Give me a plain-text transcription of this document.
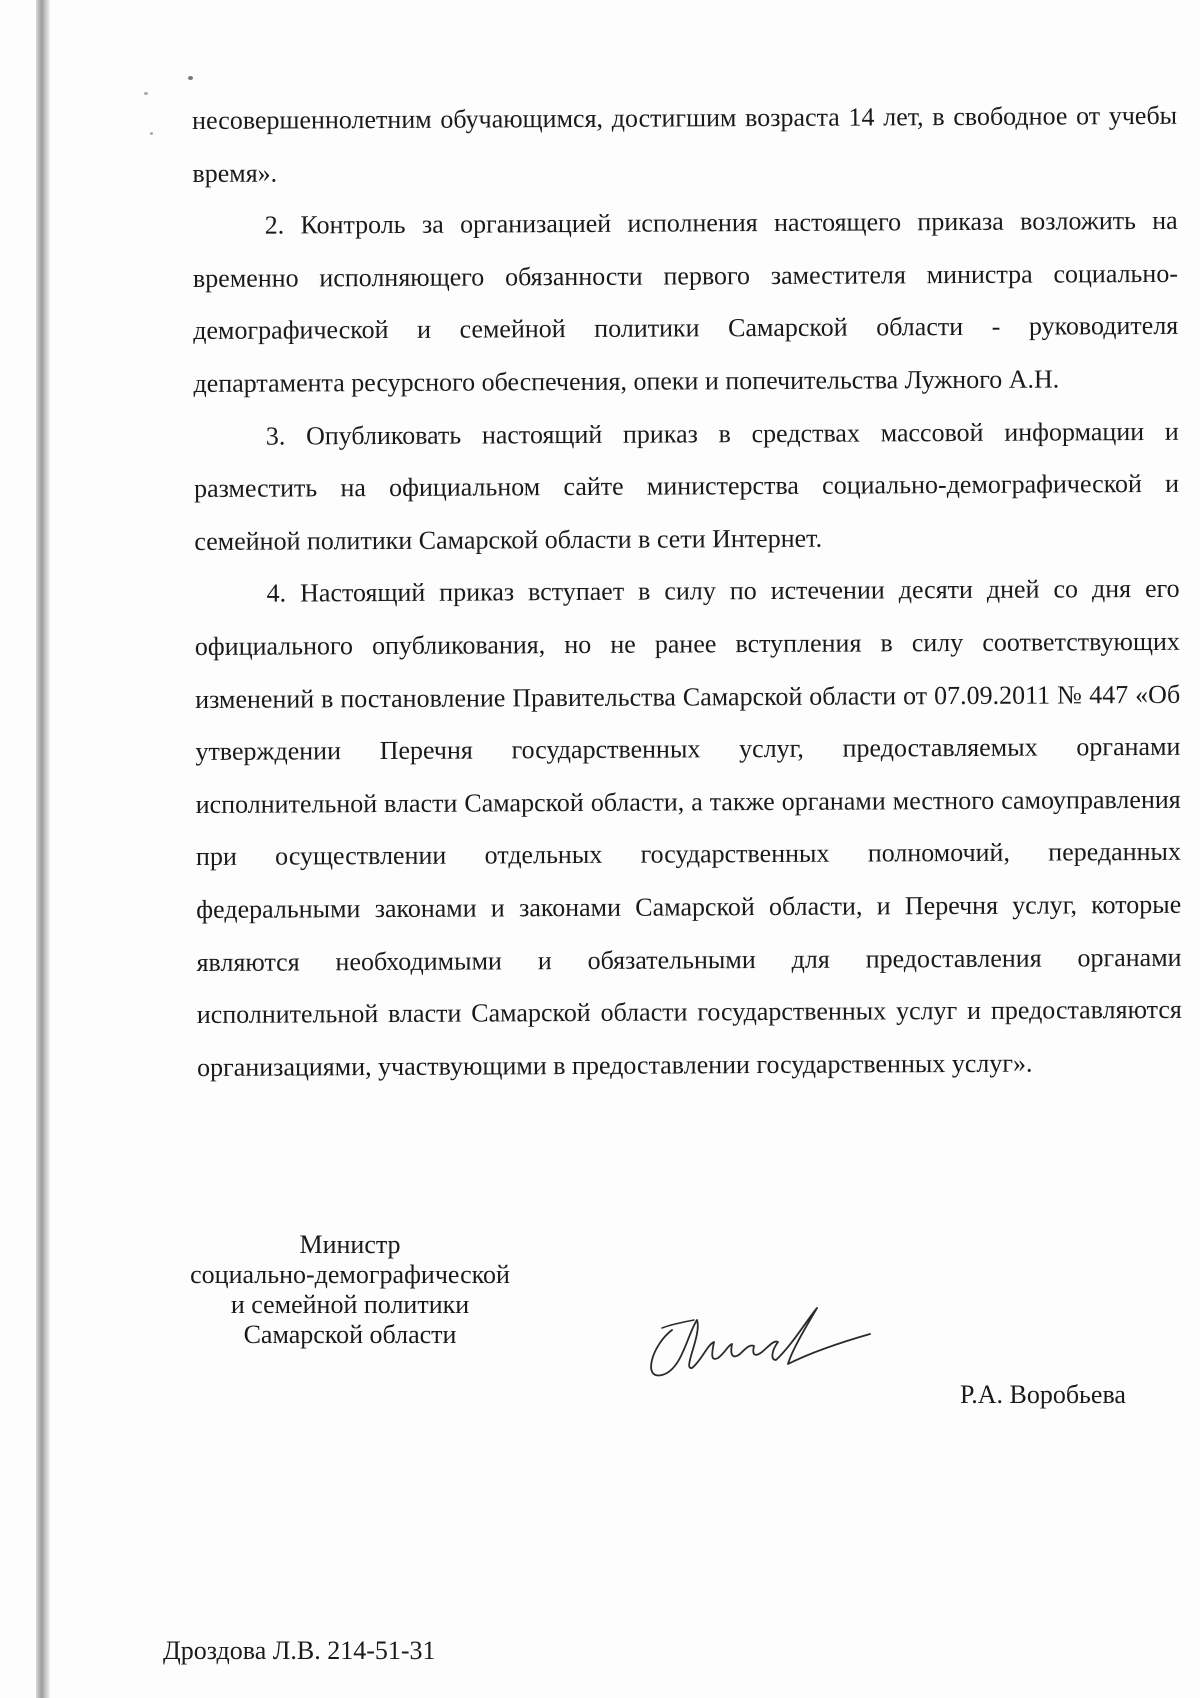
несовершеннолетним обучающимся, достигшим возраста 14 лет, в свободное от учебы время».

2. Контроль за организацией исполнения настоящего приказа возложить на временно исполняющего обязанности первого заместителя министра социально-демографической и семейной политики Самарской области - руководителя департамента ресурсного обеспечения, опеки и попечительства Лужного А.Н.

3. Опубликовать настоящий приказ в средствах массовой информации и разместить на официальном сайте министерства социально-демографической и семейной политики Самарской области в сети Интернет.

4. Настоящий приказ вступает в силу по истечении десяти дней со дня его официального опубликования, но не ранее вступления в силу соответствующих изменений в постановление Правительства Самарской области от 07.09.2011 № 447 «Об утверждении Перечня государственных услуг, предоставляемых органами исполнительной власти Самарской области, а также органами местного самоуправления при осуществлении отдельных государственных полномочий, переданных федеральными законами и законами Самарской области, и Перечня услуг, которые являются необходимыми и обязательными для предоставления органами исполнительной власти Самарской области государственных услуг и предоставляются организациями, участвующими в предоставлении государственных услуг».

Министр
социально-демографической
и семейной политики
Самарской области
Р.А. Воробьева
Дроздова Л.В. 214-51-31
